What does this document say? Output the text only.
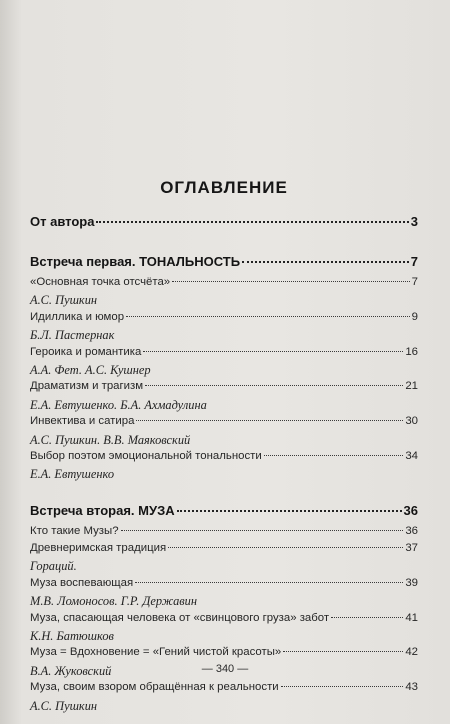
ОГЛАВЛЕНИЕ
От автора	3
Встреча первая. ТОНАЛЬНОСТЬ	7
«Основная точка отсчёта»	7
А.С. Пушкин
Идиллика и юмор	9
Б.Л. Пастернак
Героика и романтика	16
А.А. Фет. А.С. Кушнер
Драматизм и трагизм	21
Е.А. Евтушенко. Б.А. Ахмадулина
Инвектива и сатира	30
А.С. Пушкин. В.В. Маяковский
Выбор поэтом эмоциональной тональности	34
Е.А. Евтушенко
Встреча вторая. МУЗА	36
Кто такие Музы?	36
Древнеримская традиция	37
Гораций.
Муза воспевающая	39
М.В. Ломоносов. Г.Р. Державин
Муза, спасающая человека от «свинцового груза» забот	41
К.Н. Батюшков
Муза = Вдохновение = «Гений чистой красоты»	42
В.А. Жуковский
Муза, своим взором обращённая к реальности	43
А.С. Пушкин
— 340 —
